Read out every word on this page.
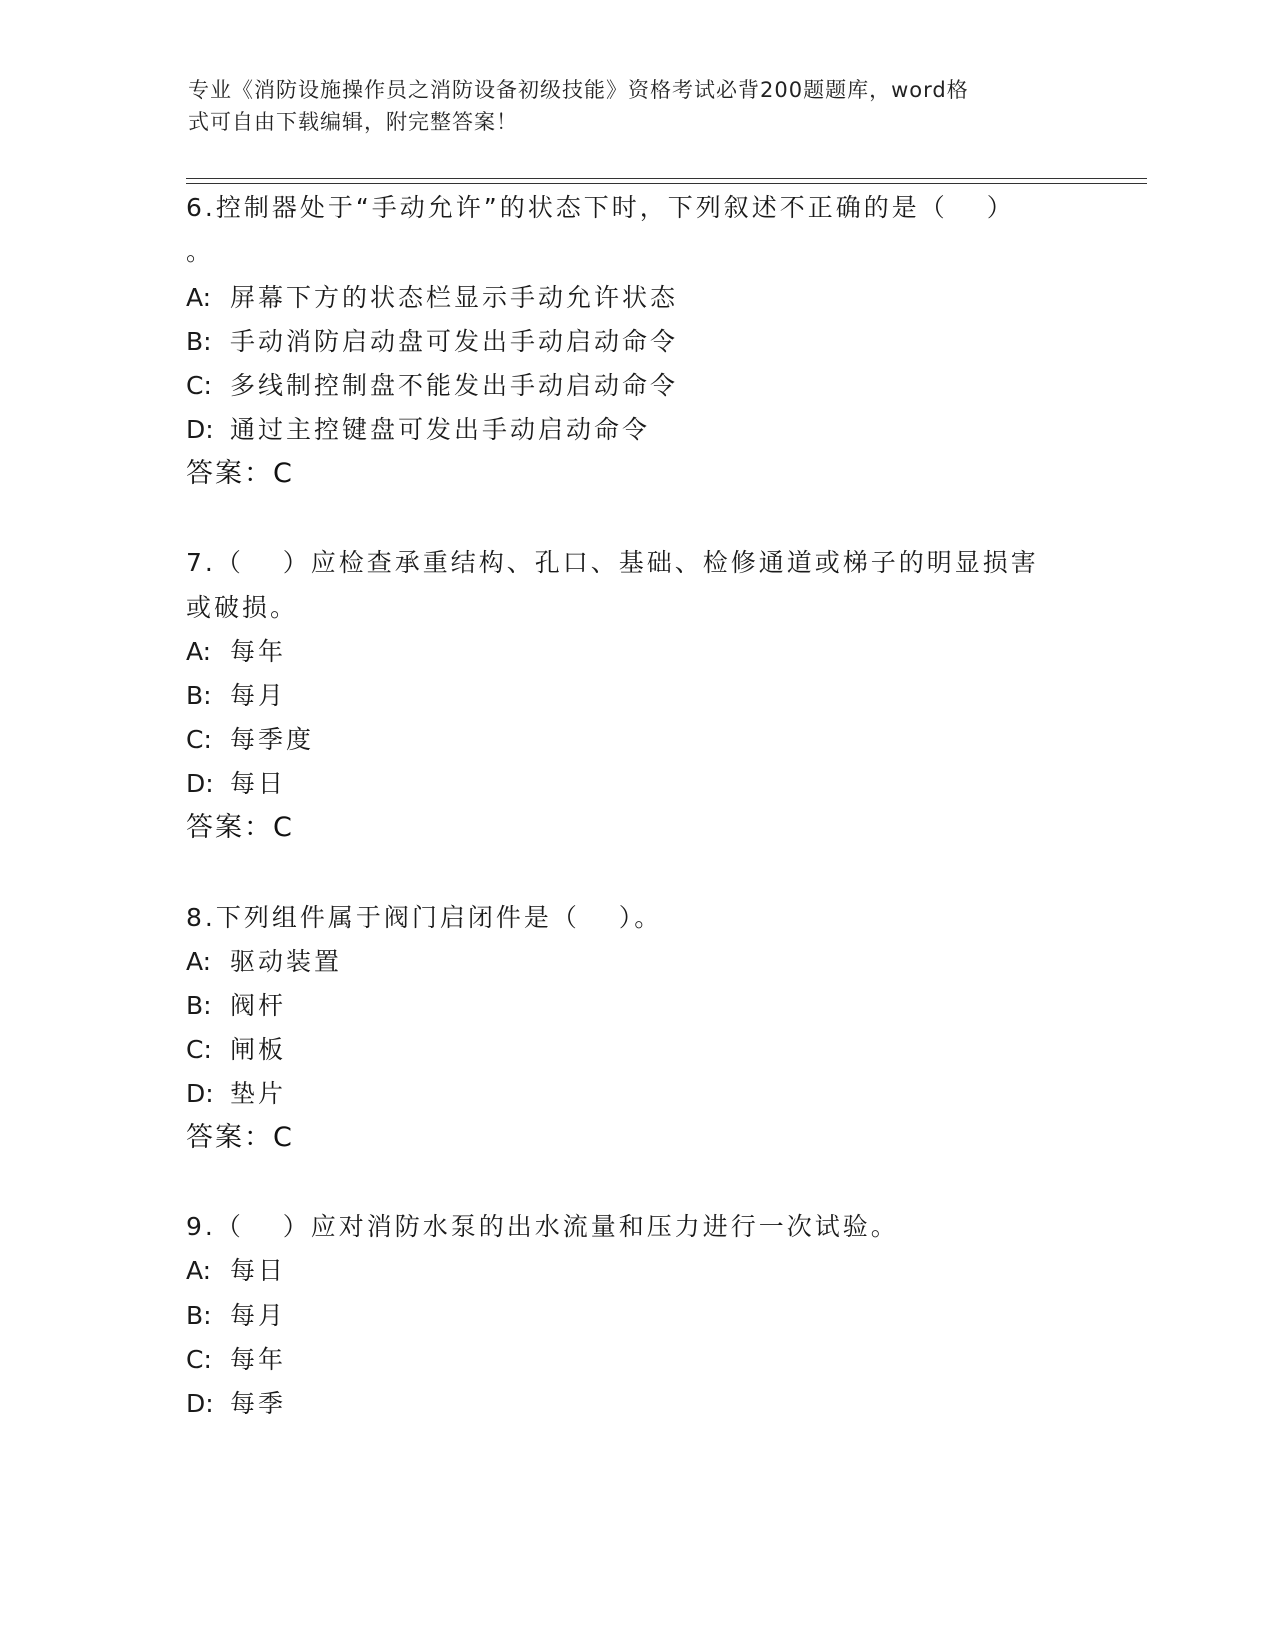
专业《消防设施操作员之消防设备初级技能》资格考试必背200题题库，word格
式可自由下载编辑，附完整答案！
6.控制器处于“手动允许”的状态下时，下列叙述不正确的是（　 ）
。
A: 屏幕下方的状态栏显示手动允许状态
B: 手动消防启动盘可发出手动启动命令
C: 多线制控制盘不能发出手动启动命令
D: 通过主控键盘可发出手动启动命令
答案：C
7.（　 ）应检查承重结构、孔口、基础、检修通道或梯子的明显损害
或破损。
A: 每年
B: 每月
C: 每季度
D: 每日
答案：C
8.下列组件属于阀门启闭件是（　 ）。
A: 驱动装置
B: 阀杆
C: 闸板
D: 垫片
答案：C
9.（　 ）应对消防水泵的出水流量和压力进行一次试验。
A: 每日
B: 每月
C: 每年
D: 每季
